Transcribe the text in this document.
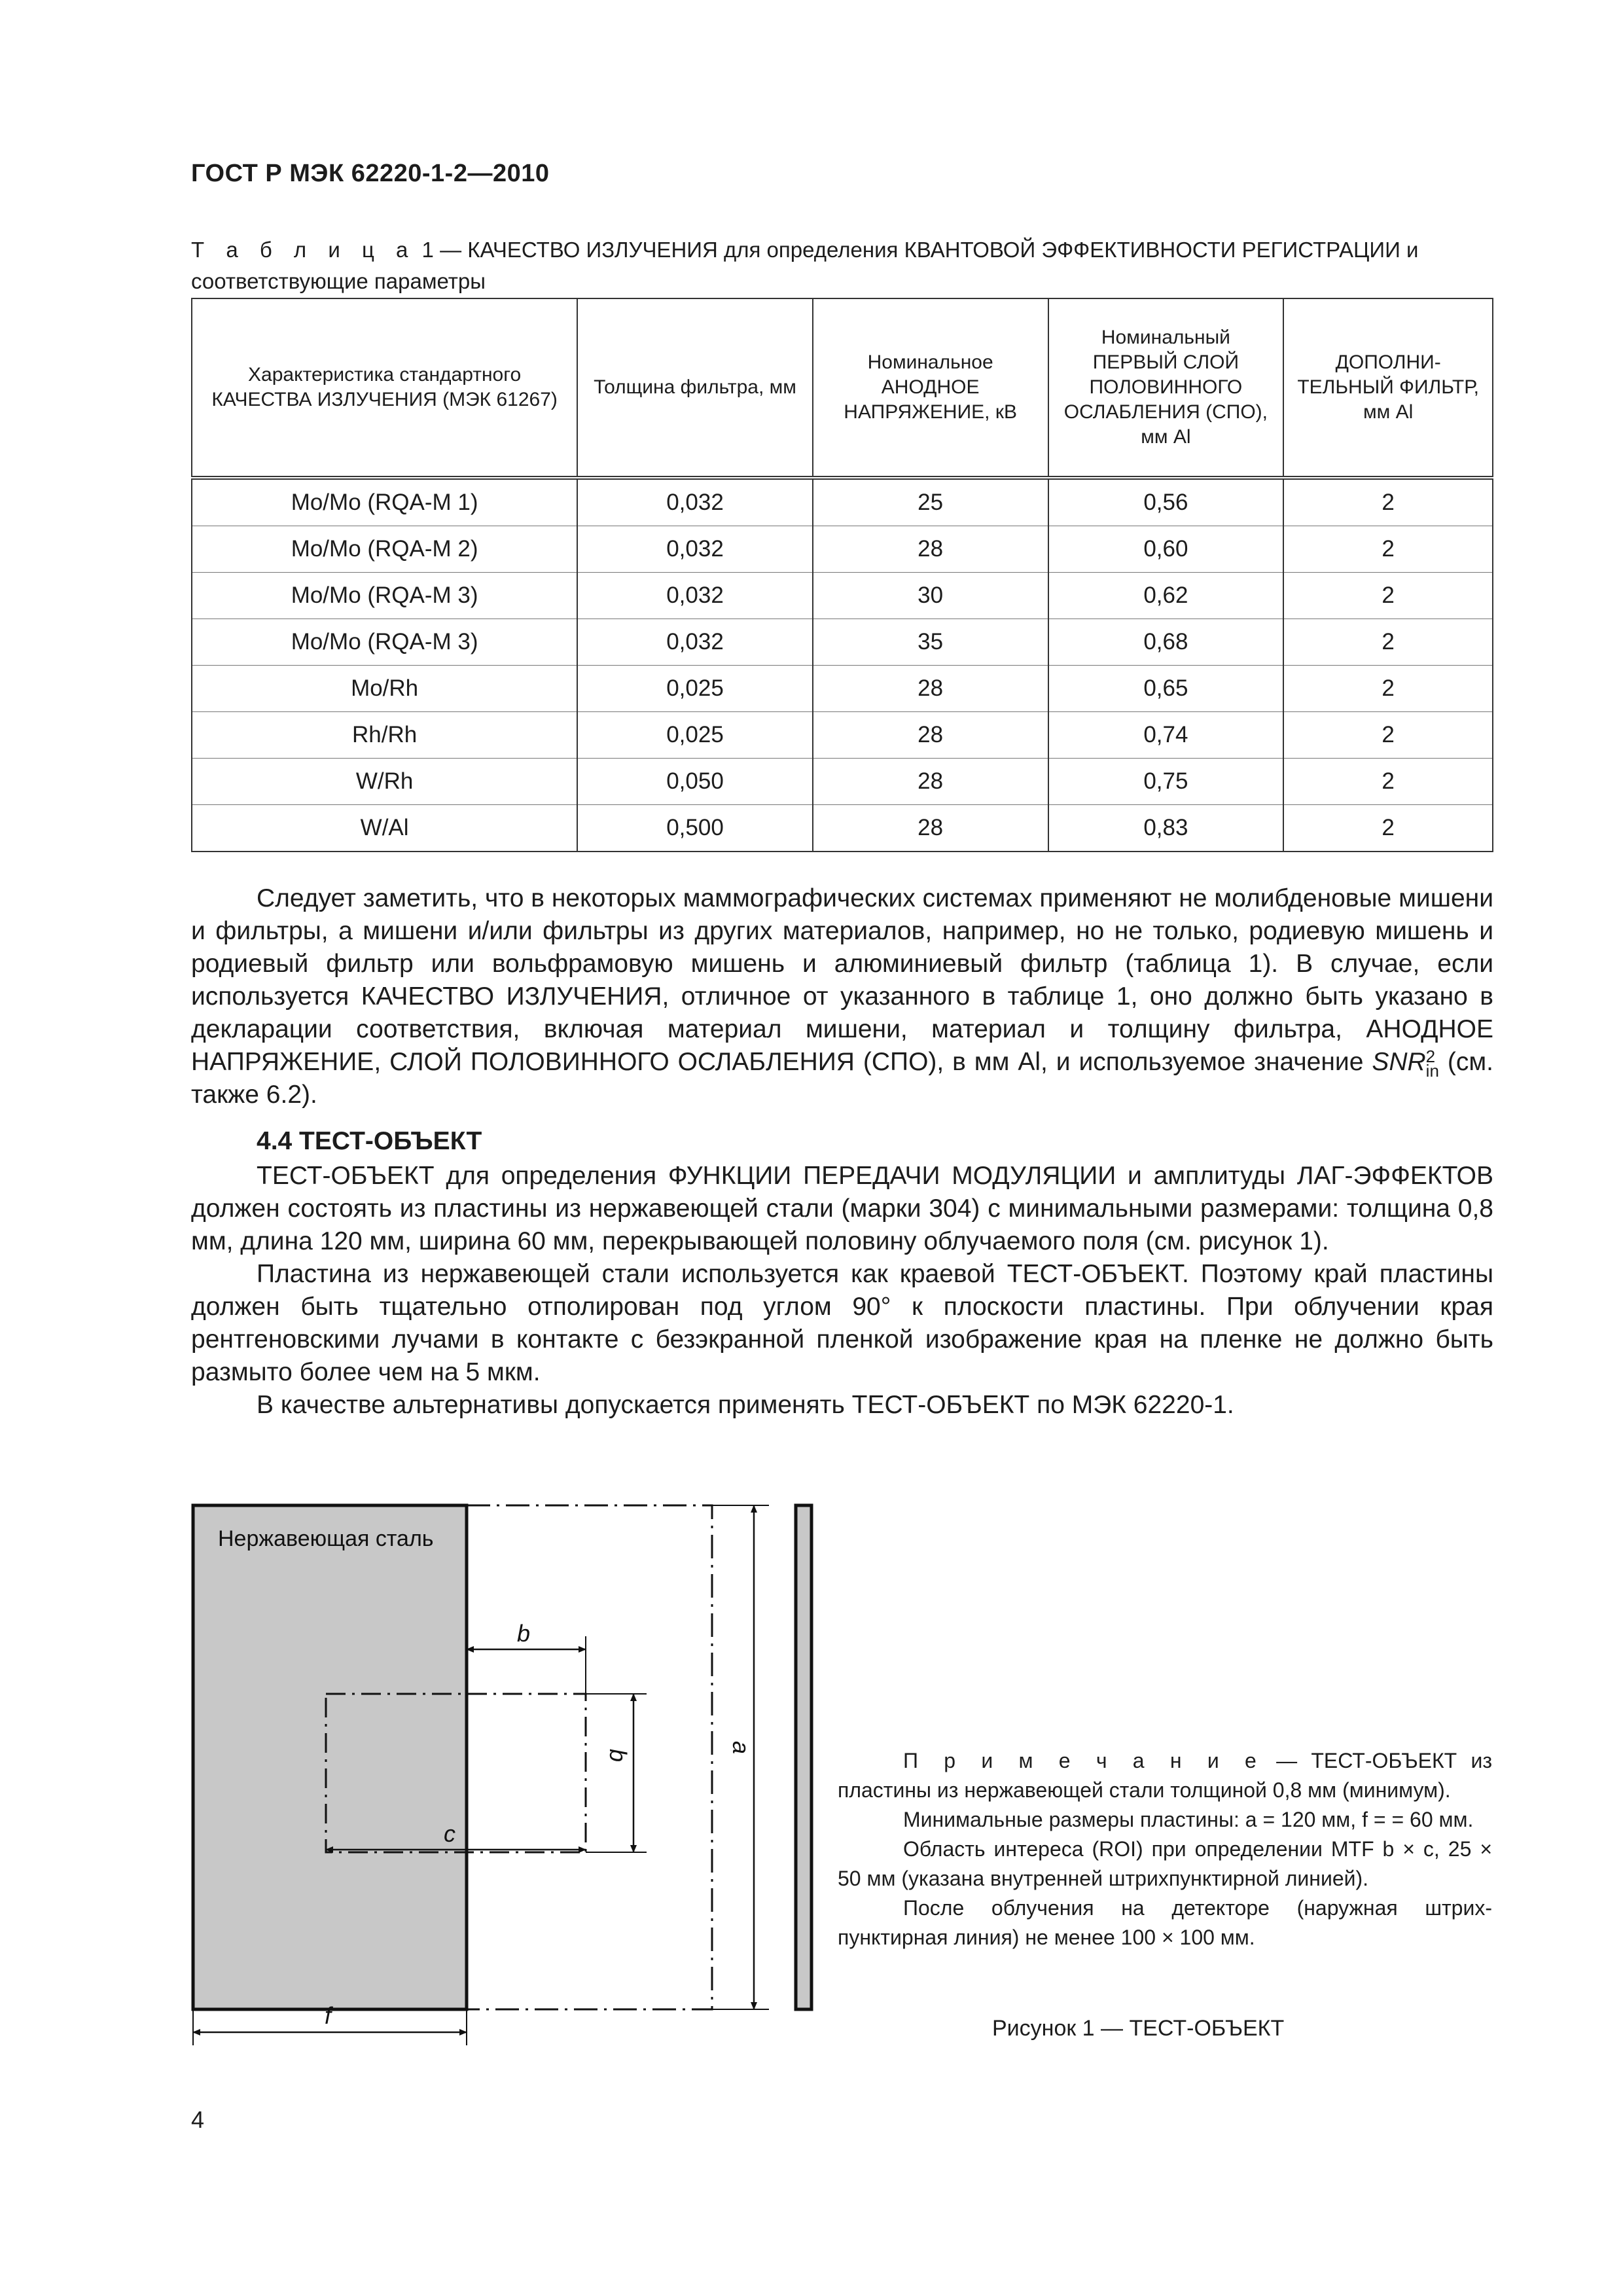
ГОСТ Р МЭК 62220-1-2—2010
Т а б л и ц а 1 — КАЧЕСТВО ИЗЛУЧЕНИЯ для определения КВАНТОВОЙ ЭФФЕКТИВНОСТИ РЕГИСТРАЦИИ и соответствующие параметры
Характеристика стандартного КАЧЕСТВА ИЗЛУЧЕНИЯ (МЭК 61267)	Толщина фильтра, мм	Номинальное АНОДНОЕ НАПРЯЖЕНИЕ, кВ	Номинальный ПЕРВЫЙ СЛОЙ ПОЛОВИННОГО ОСЛАБЛЕНИЯ (СПО), мм Al	ДОПОЛНИ-ТЕЛЬНЫЙ ФИЛЬТР, мм Al
Mo/Mo (RQA-M 1)	0,032	25	0,56	2
Mo/Mo (RQA-M 2)	0,032	28	0,60	2
Mo/Mo (RQA-M 3)	0,032	30	0,62	2
Mo/Mo (RQA-M 3)	0,032	35	0,68	2
Mo/Rh	0,025	28	0,65	2
Rh/Rh	0,025	28	0,74	2
W/Rh	0,050	28	0,75	2
W/Al	0,500	28	0,83	2

Следует заметить, что в некоторых маммографических системах применяют не молибденовые мишени и фильтры, а мишени и/или фильтры из других материалов, например, но не только, родиевую мишень и родиевый фильтр или вольфрамовую мишень и алюминиевый фильтр (таблица 1). В случае, если используется КАЧЕСТВО ИЗЛУЧЕНИЯ, отличное от указанного в таблице 1, оно должно быть указано в декларации соответствия, включая материал мишени, материал и толщину фильтра, АНОДНОЕ НАПРЯЖЕНИЕ, СЛОЙ ПОЛОВИННОГО ОСЛАБЛЕНИЯ (СПО), в мм Al, и используемое значение SNR 2
in (см. также 6.2).

4.4 ТЕСТ-ОБЪЕКТ

ТЕСТ-ОБЪЕКТ для определения ФУНКЦИИ ПЕРЕДАЧИ МОДУЛЯЦИИ и амплитуды ЛАГ-ЭФФЕКТОВ должен состоять из пластины из нержавеющей стали (марки 304) с минимальными размерами: толщина 0,8 мм, длина 120 мм, ширина 60 мм, перекрывающей половину облучаемого поля (см. рисунок 1).

Пластина из нержавеющей стали используется как краевой ТЕСТ-ОБЪЕКТ. Поэтому край пластины должен быть тщательно отполирован под углом 90° к плоскости пластины. При облучении края рентгеновскими лучами в контакте с безэкранной пленкой изображение края на пленке не должно быть размыто более чем на 5 мкм.

В качестве альтернативы допускается применять ТЕСТ-ОБЪЕКТ по МЭК 62220-1.

Нержавеющая сталь
b
b
c
a
f

П р и м е ч а н и е — ТЕСТ-ОБЪЕКТ из пластины из нержавеющей стали толщиной 0,8 мм (минимум).

Минимальные размеры пластины: a = 120 мм, f = = 60 мм.

Область интереса (ROI) при определении MTF b × c, 25 × 50 мм (указана внутренней штрихпунктирной линией).

После облучения на детекторе (наружная штрих-пунктирная линия) не менее 100 × 100 мм.

Рисунок 1 — ТЕСТ-ОБЪЕКТ
4
